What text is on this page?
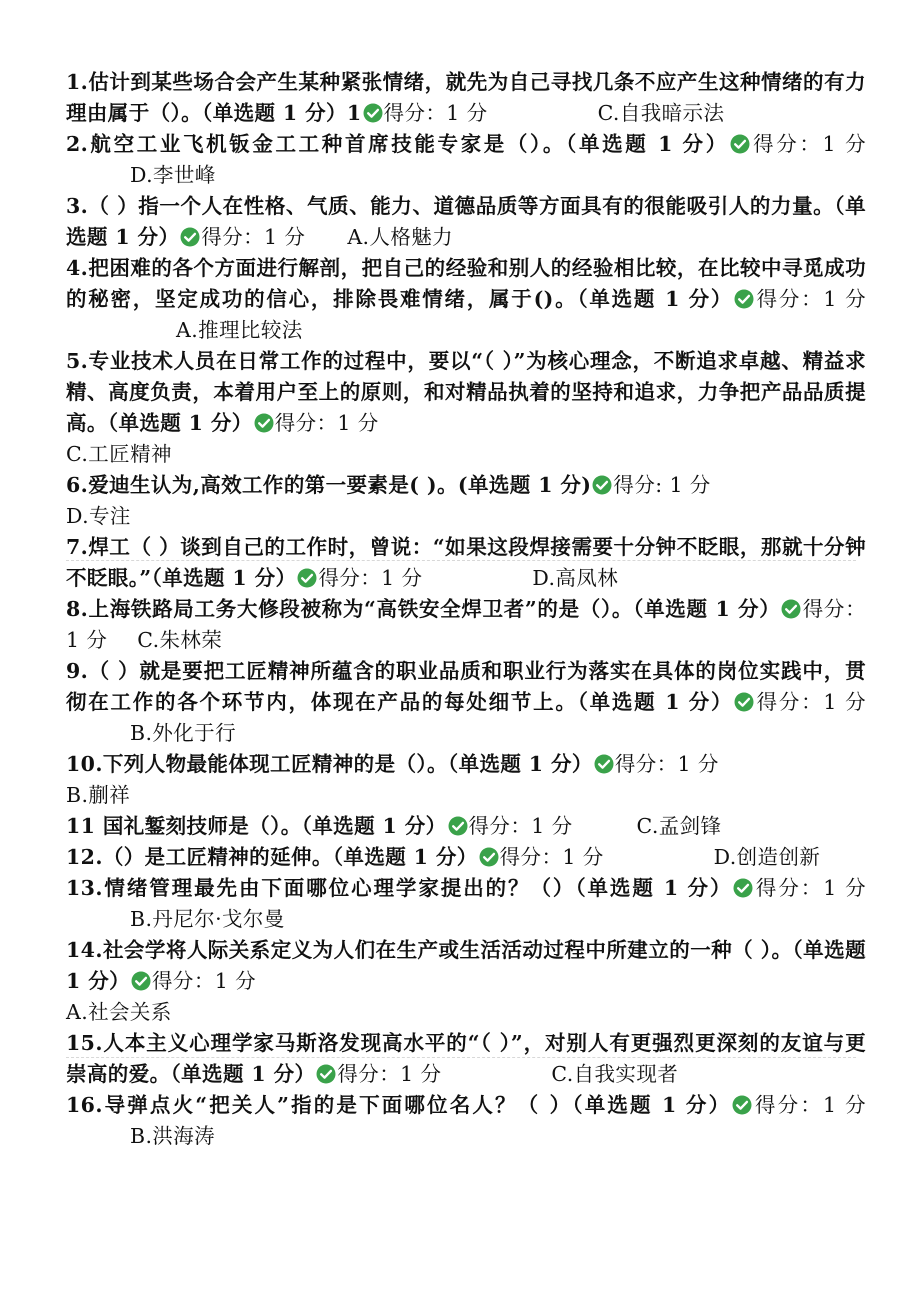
1.估计到某些场合会产生某种紧张情绪，就先为自己寻找几条不应产生这种情绪的有力理由属于（）。（单选题 1 分）1 得分：1 分	C.自我暗示法
2.航空工业飞机钣金工工种首席技能专家是（）。（单选题 1 分） 得分：1 分D.李世峰
3.（ ）指一个人在性格、气质、能力、道德品质等方面具有的很能吸引人的力量。（单选题 1 分） 得分：1 分 A.人格魅力
4.把困难的各个方面进行解剖，把自己的经验和别人的经验相比较，在比较中寻觅成功的秘密，坚定成功的信心，排除畏难情绪，属于()。（单选题 1 分） 得分：1 分A.推理比较法
5.专业技术人员在日常工作的过程中，要以“（ ）”为核心理念，不断追求卓越、精益求精、高度负责，本着用户至上的原则，和对精品执着的坚持和追求，力争把产品品质提高。（单选题 1 分） 得分：1 分
C.工匠精神
6.爱迪生认为,高效工作的第一要素是( )。(单选题 1 分) 得分: 1 分
D.专注
7.焊工（ ）谈到自己的工作时，曾说：“如果这段焊接需要十分钟不眨眼，那就十分钟不眨眼。”（单选题 1 分） 得分：1 分	D.高凤林
8.上海铁路局工务大修段被称为“高铁安全焊卫者”的是（）。（单选题 1 分） 得分：1 分 C.朱林荣
9.（ ）就是要把工匠精神所蕴含的职业品质和职业行为落实在具体的岗位实践中，贯彻在工作的各个环节内，体现在产品的每处细节上。（单选题 1 分） 得分：1 分B.外化于行
10.下列人物最能体现工匠精神的是（）。（单选题 1 分） 得分：1 分
B.蒯祥
11 国礼錾刻技师是（）。（单选题 1 分） 得分：1 分	C.孟剑锋
12.（）是工匠精神的延伸。（单选题 1 分） 得分：1 分	D.创造创新
13.情绪管理最先由下面哪位心理学家提出的？（）（单选题 1 分） 得分：1 分B.丹尼尔·戈尔曼
14.社会学将人际关系定义为人们在生产或生活活动过程中所建立的一种（ ）。（单选题 1 分） 得分：1 分
A.社会关系
15.人本主义心理学家马斯洛发现高水平的“（ ）”，对别人有更强烈更深刻的友谊与更崇高的爱。（单选题 1 分） 得分：1 分	C.自我实现者
16.导弹点火“把关人”指的是下面哪位名人？（ ）（单选题 1 分） 得分：1 分B.洪海涛
